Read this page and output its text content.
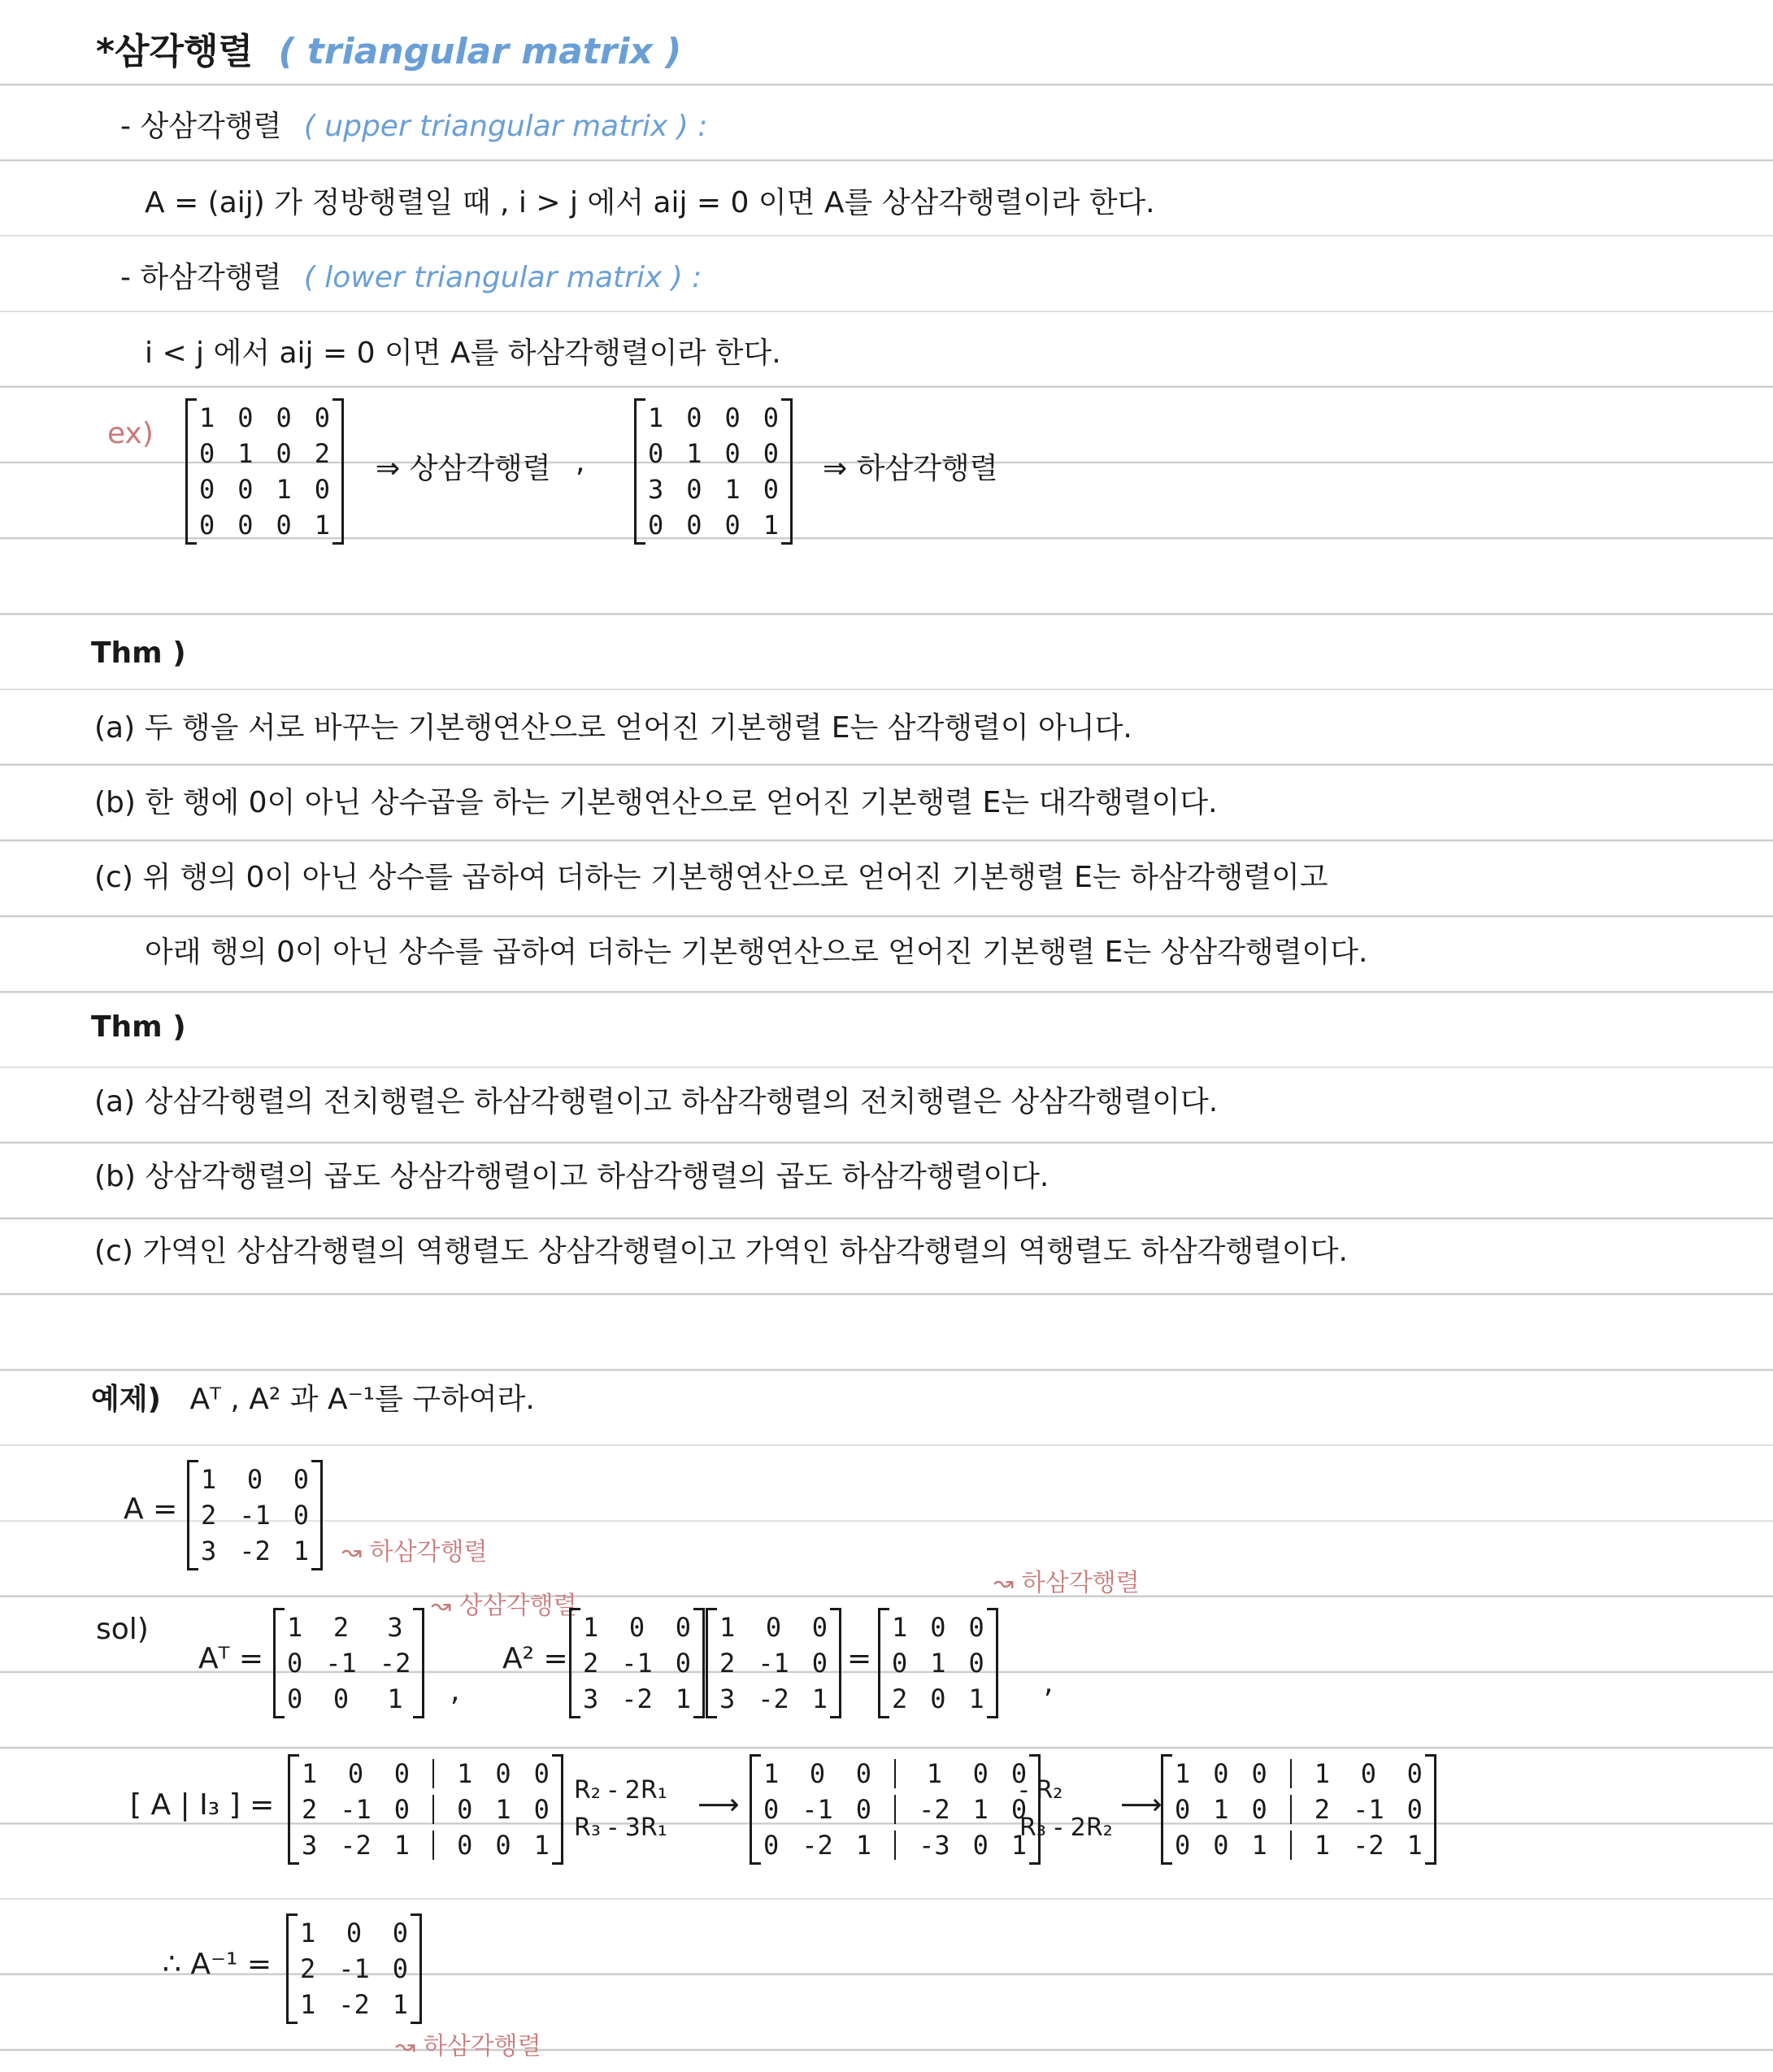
*삼각행렬 ( triangular matrix )
- 상삼각행렬 ( upper triangular matrix ) :
A = (aij) 가 정방행렬일 때 , i > j 에서 aij = 0 이면 A를 상삼각행렬이라 한다.
- 하삼각행렬 ( lower triangular matrix ) :
i < j 에서 aij = 0 이면 A를 하삼각행렬이라 한다.
ex) 1 0 0 0
0 1 0 2
0 0 1 0
0 0 0 1
⇒ 상삼각행렬 ,
1 0 0 0
0 1 0 0
3 0 1 0
0 0 0 1
⇒ 하삼각행렬
Thm )
(a) 두 행을 서로 바꾸는 기본행연산으로 얻어진 기본행렬 E는 삼각행렬이 아니다.
(b) 한 행에 0이 아닌 상수곱을 하는 기본행연산으로 얻어진 기본행렬 E는 대각행렬이다.
(c) 위 행의 0이 아닌 상수를 곱하여 더하는 기본행연산으로 얻어진 기본행렬 E는 하삼각행렬이고
아래 행의 0이 아닌 상수를 곱하여 더하는 기본행연산으로 얻어진 기본행렬 E는 상삼각행렬이다.
Thm )
(a) 상삼각행렬의 전치행렬은 하삼각행렬이고 하삼각행렬의 전치행렬은 상삼각행렬이다.
(b) 상삼각행렬의 곱도 상삼각행렬이고 하삼각행렬의 곱도 하삼각행렬이다.
(c) 가역인 상삼각행렬의 역행렬도 상삼각행렬이고 가역인 하삼각행렬의 역행렬도 하삼각행렬이다.
예제) Aᵀ , A² 과 A⁻¹를 구하여라.
A =
1	0	0
2 -1 0
3 -2 1 ↝ 하삼각행렬
sol)
Aᵀ =
1	2	3
0 -1 -2
0	0	1
↝ 상삼각행렬
,
A² =
1	0	0
2 -1 0
3 -2 1
1	0	0
2 -1 0
3 -2 1
=
1 0 0
0 1 0
2 0 1
↝ 하삼각행렬
,
[ A | I₃ ] =
1	0	0 1 0 0
2 -1 0 0 1 0
3 -2 1 0 0 1
R₂ - 2R₁
R₃ - 3R₁
⟶
1	0	0	1	0 0
0 -1 0 -2 1 0
0 -2 1 -3 0 1
- R₂
R₃ - 2R₂
⟶
1 0 0 1	0	0
0 1 0 2 -1 0
0 0 1 1 -2 1
∴ A⁻¹ =
1	0	0
2 -1 0
1 -2 1
↝ 하삼각행렬
